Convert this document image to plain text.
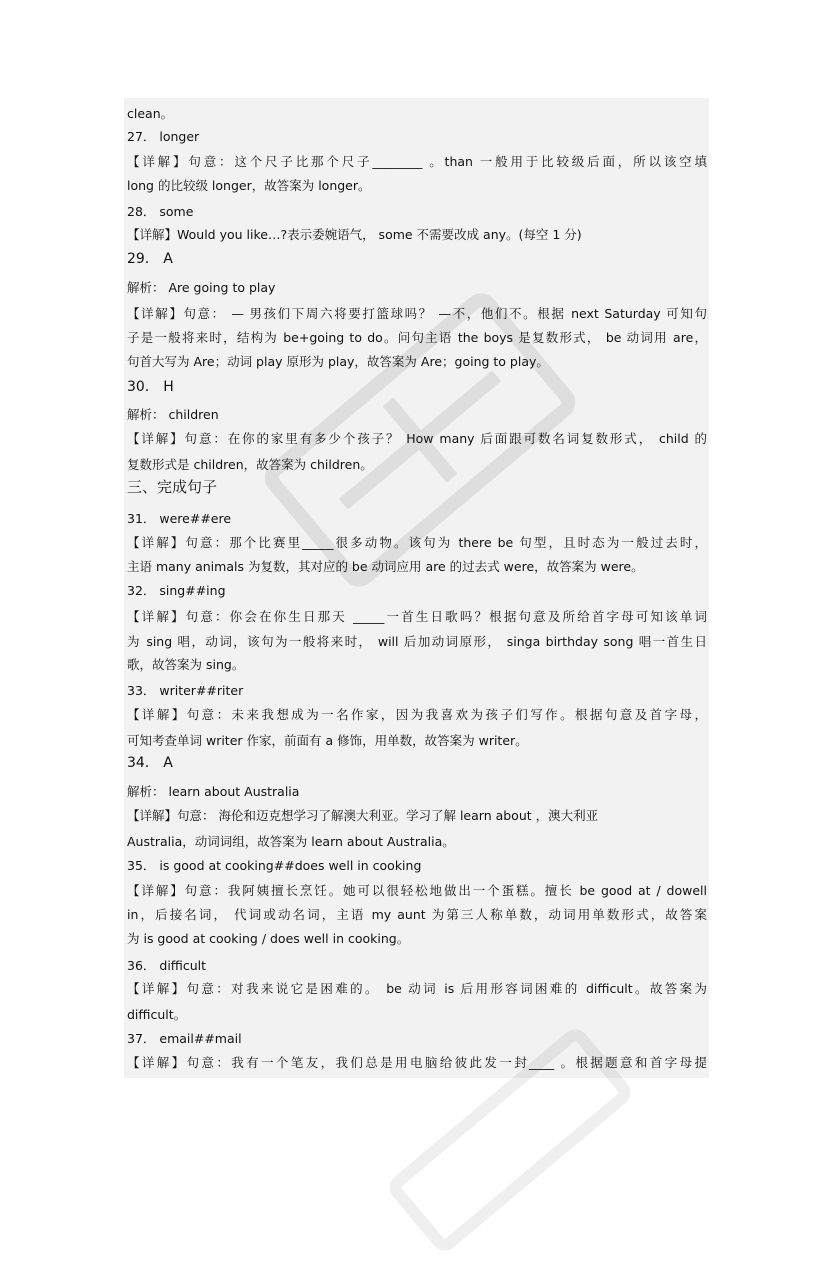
clean。
27． longer
【详解】句意：这个尺子比那个尺子________ 。than 一般用于比较级后面，所以该空填
long 的比较级 longer，故答案为 longer。
28． some
【详解】Would you like…?表示委婉语气， some 不需要改成 any。(每空 1 分)
29． A
解析： Are going to play
【详解】句意： — 男孩们下周六将要打篮球吗？ —不，他们不。根据 next Saturday 可知句
子是一般将来时，结构为 be+going to do。问句主语 the boys 是复数形式， be 动词用 are，
句首大写为 Are；动词 play 原形为 play，故答案为 Are；going to play。
30． H
解析： children
【详解】句意：在你的家里有多少个孩子？ How many 后面跟可数名词复数形式， child 的
复数形式是 children，故答案为 children。
三、完成句子
31． were##ere
【详解】句意：那个比赛里_____很多动物。该句为 there be 句型，且时态为一般过去时，
主语 many animals 为复数，其对应的 be 动词应用 are 的过去式 were，故答案为 were。
32． sing##ing
【详解】句意：你会在你生日那天 _____一首生日歌吗？根据句意及所给首字母可知该单词
为 sing 唱，动词，该句为一般将来时， will 后加动词原形， singa birthday song 唱一首生日
歌，故答案为 sing。
33． writer##riter
【详解】句意：未来我想成为一名作家，因为我喜欢为孩子们写作。根据句意及首字母，
可知考查单词 writer 作家，前面有 a 修饰，用单数，故答案为 writer。
34． A
解析： learn about Australia
【详解】句意： 海伦和迈克想学习了解澳大利亚。学习了解 learn about ，澳大利亚
Australia，动词词组，故答案为 learn about Australia。
35． is good at cooking##does well in cooking
【详解】句意：我阿姨擅长烹饪。她可以很轻松地做出一个蛋糕。擅长 be good at / dowell
in，后接名词， 代词或动名词，主语 my aunt 为第三人称单数，动词用单数形式，故答案
为 is good at cooking / does well in cooking。
36． difficult
【详解】句意：对我来说它是困难的。 be 动词 is 后用形容词困难的 difficult。故答案为
difficult。
37． email##mail
【详解】句意：我有一个笔友，我们总是用电脑给彼此发一封____ 。根据题意和首字母提
